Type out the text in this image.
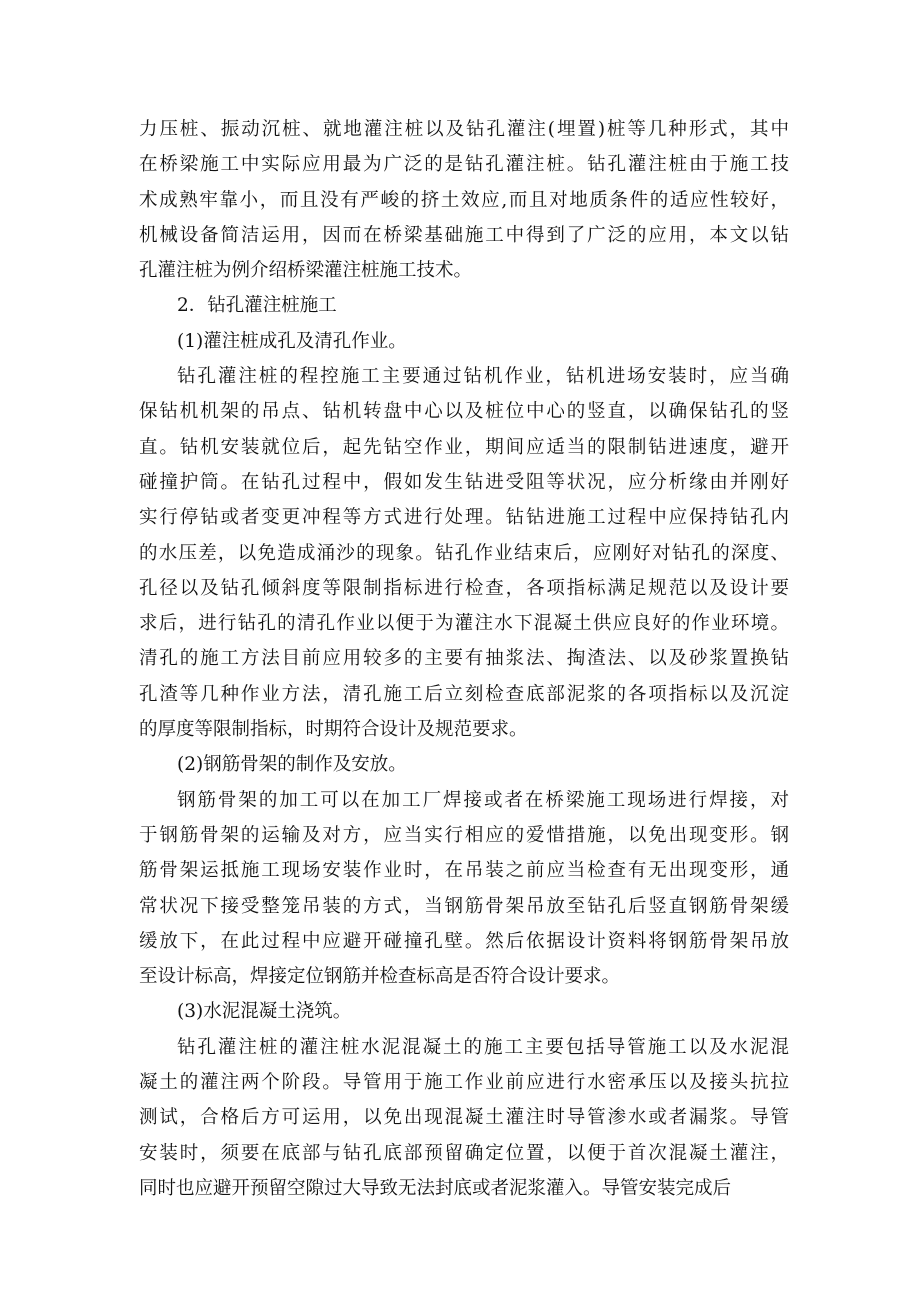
力压桩、振动沉桩、就地灌注桩以及钻孔灌注(埋置)桩等几种形式，其中
在桥梁施工中实际应用最为广泛的是钻孔灌注桩。钻孔灌注桩由于施工技
术成熟牢靠小，而且没有严峻的挤土效应,而且对地质条件的适应性较好，
机械设备简洁运用，因而在桥梁基础施工中得到了广泛的应用，本文以钻
孔灌注桩为例介绍桥梁灌注桩施工技术。
2．钻孔灌注桩施工
(1)灌注桩成孔及清孔作业。
钻孔灌注桩的程控施工主要通过钻机作业，钻机进场安装时，应当确
保钻机机架的吊点、钻机转盘中心以及桩位中心的竖直，以确保钻孔的竖
直。钻机安装就位后，起先钻空作业，期间应适当的限制钻进速度，避开
碰撞护筒。在钻孔过程中，假如发生钻进受阻等状况，应分析缘由并刚好
实行停钻或者变更冲程等方式进行处理。钻钻进施工过程中应保持钻孔内
的水压差，以免造成涌沙的现象。钻孔作业结束后，应刚好对钻孔的深度、
孔径以及钻孔倾斜度等限制指标进行检查，各项指标满足规范以及设计要
求后，进行钻孔的清孔作业以便于为灌注水下混凝土供应良好的作业环境。
清孔的施工方法目前应用较多的主要有抽浆法、掏渣法、以及砂浆置换钻
孔渣等几种作业方法，清孔施工后立刻检查底部泥浆的各项指标以及沉淀
的厚度等限制指标，时期符合设计及规范要求。
(2)钢筋骨架的制作及安放。
钢筋骨架的加工可以在加工厂焊接或者在桥梁施工现场进行焊接，对
于钢筋骨架的运输及对方，应当实行相应的爱惜措施，以免出现变形。钢
筋骨架运抵施工现场安装作业时，在吊装之前应当检查有无出现变形，通
常状况下接受整笼吊装的方式，当钢筋骨架吊放至钻孔后竖直钢筋骨架缓
缓放下，在此过程中应避开碰撞孔壁。然后依据设计资料将钢筋骨架吊放
至设计标高，焊接定位钢筋并检查标高是否符合设计要求。
(3)水泥混凝土浇筑。
钻孔灌注桩的灌注桩水泥混凝土的施工主要包括导管施工以及水泥混
凝土的灌注两个阶段。导管用于施工作业前应进行水密承压以及接头抗拉
测试，合格后方可运用，以免出现混凝土灌注时导管渗水或者漏浆。导管
安装时，须要在底部与钻孔底部预留确定位置，以便于首次混凝土灌注，
同时也应避开预留空隙过大导致无法封底或者泥浆灌入。导管安装完成后
